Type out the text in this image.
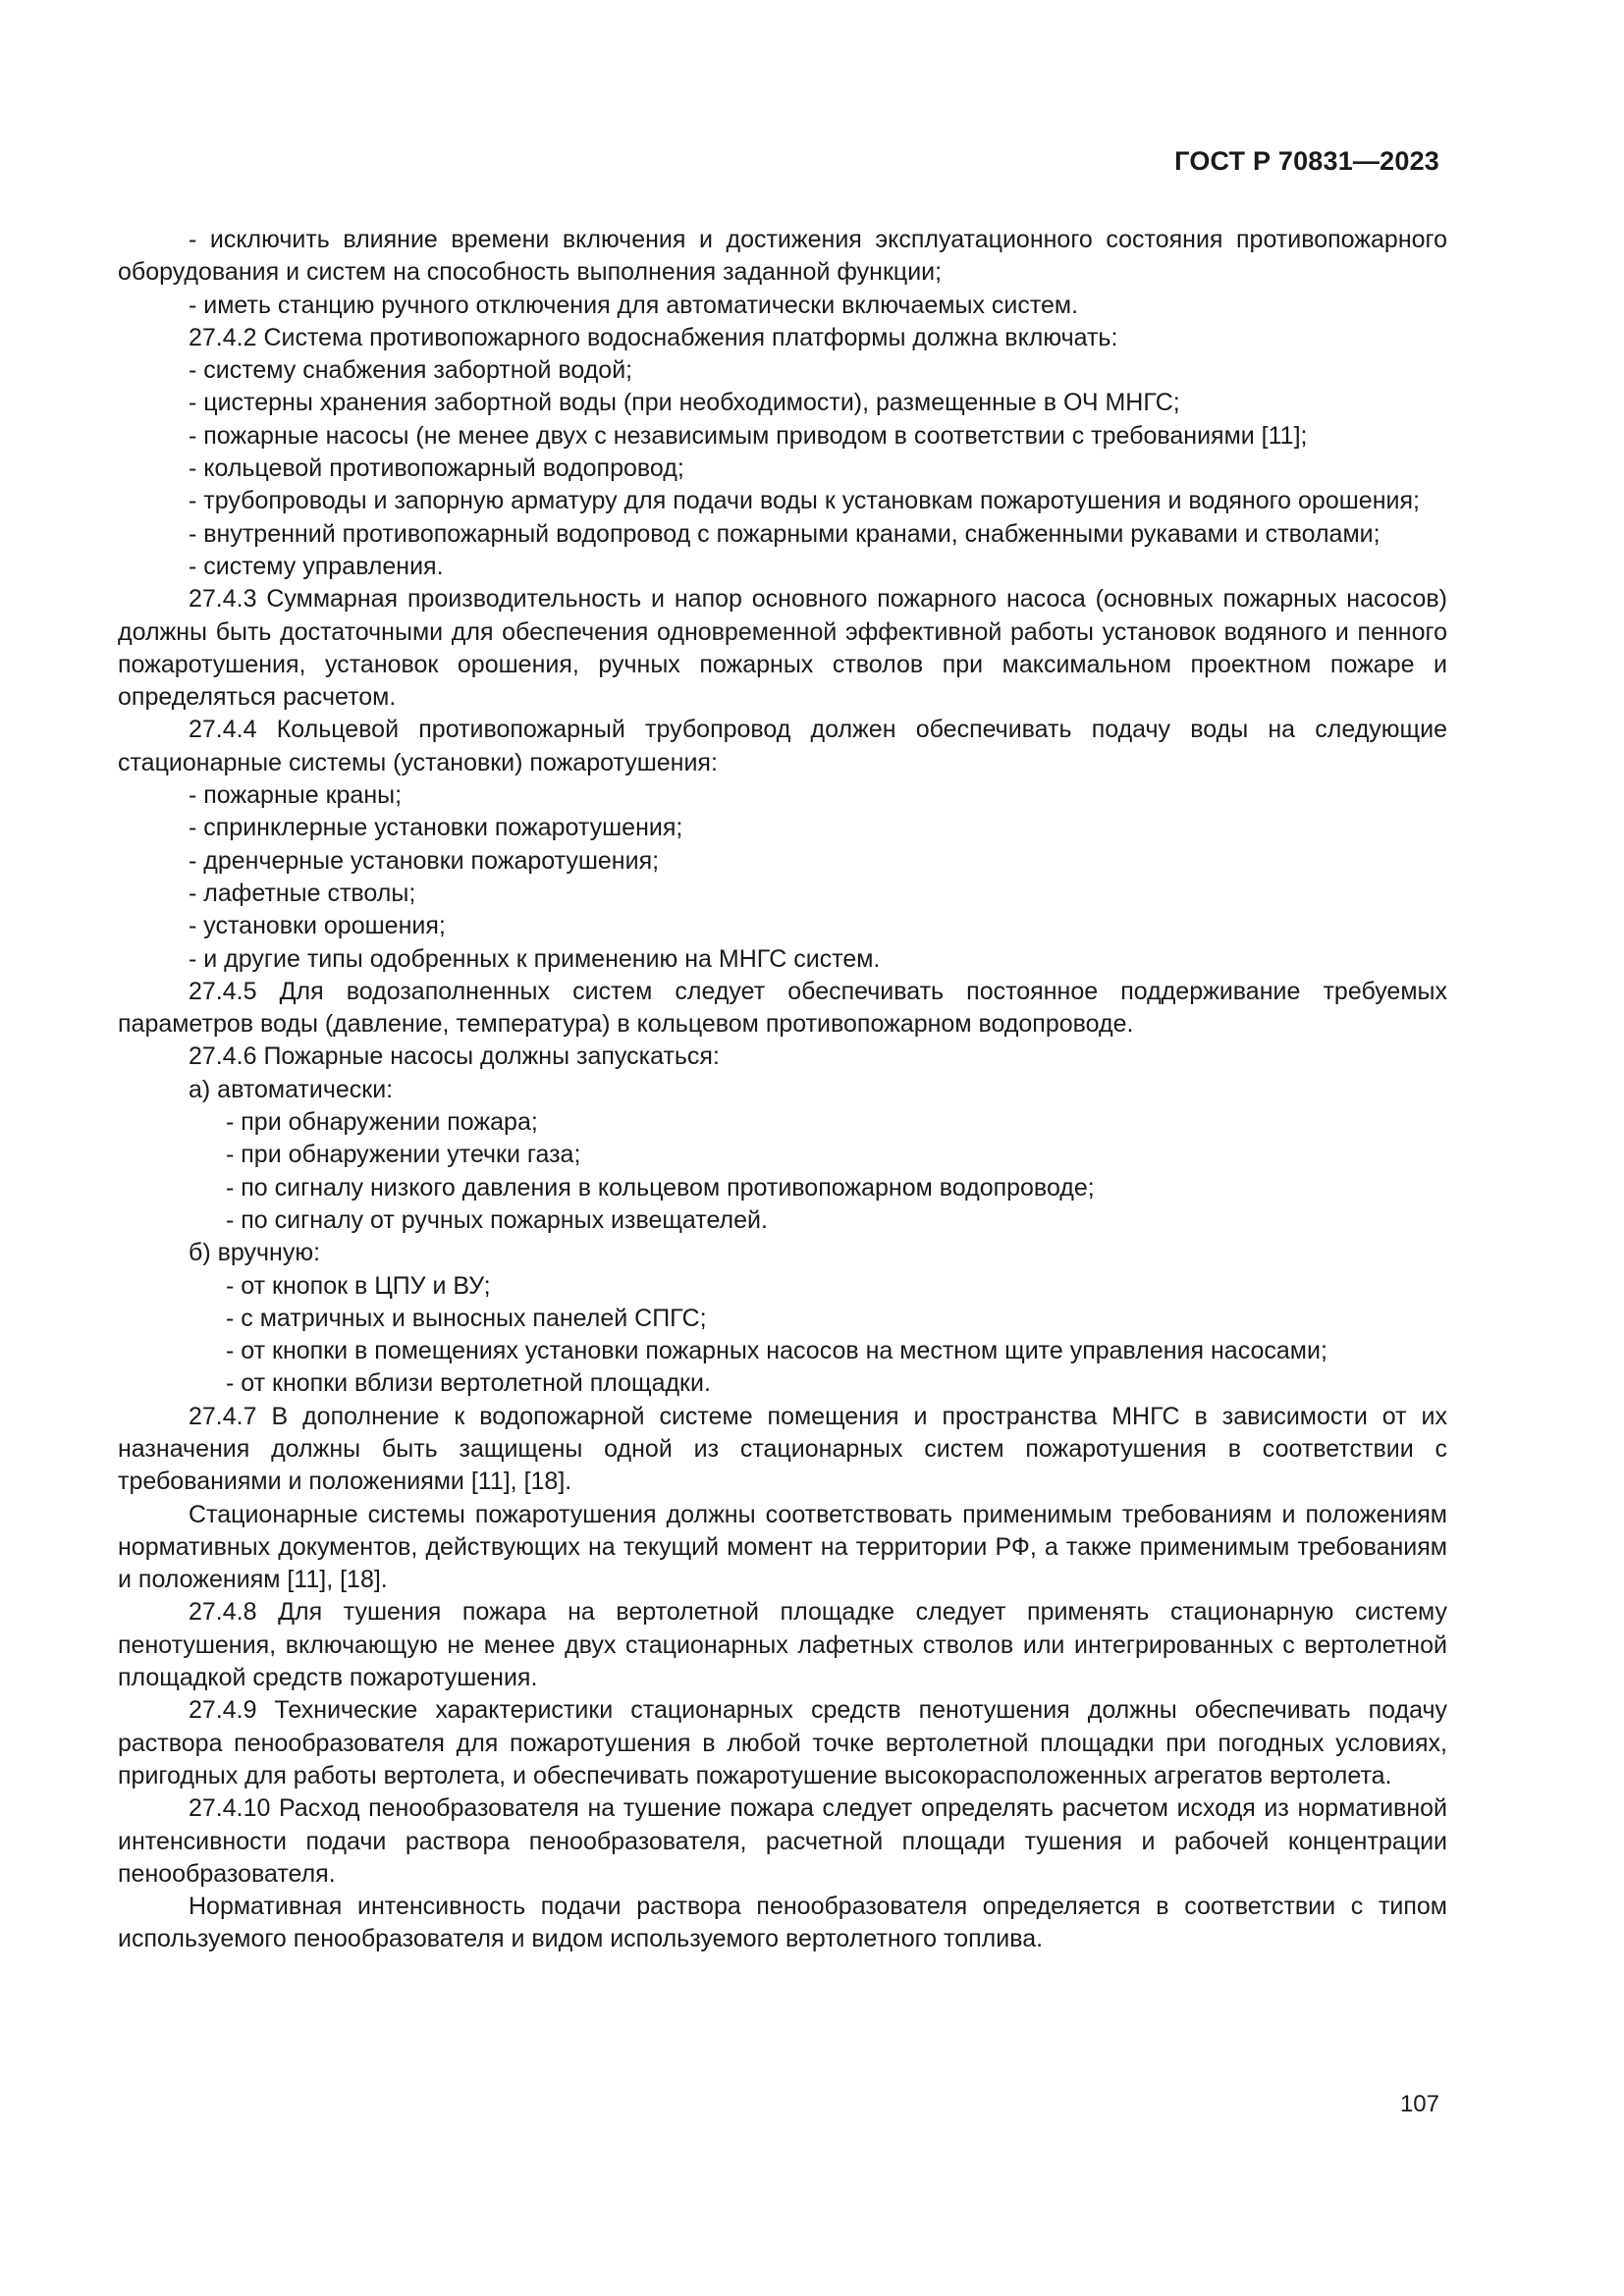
ГОСТ Р 70831—2023
- исключить влияние времени включения и достижения эксплуатационного состояния противопожарного оборудования и систем на способность выполнения заданной функции;
- иметь станцию ручного отключения для автоматически включаемых систем.
27.4.2 Система противопожарного водоснабжения платформы должна включать:
- систему снабжения забортной водой;
- цистерны хранения забортной воды (при необходимости), размещенные в ОЧ МНГС;
- пожарные насосы (не менее двух с независимым приводом в соответствии с требованиями [11];
- кольцевой противопожарный водопровод;
- трубопроводы и запорную арматуру для подачи воды к установкам пожаротушения и водяного орошения;
- внутренний противопожарный водопровод с пожарными кранами, снабженными рукавами и стволами;
- систему управления.
27.4.3 Суммарная производительность и напор основного пожарного насоса (основных пожарных насосов) должны быть достаточными для обеспечения одновременной эффективной работы установок водяного и пенного пожаротушения, установок орошения, ручных пожарных стволов при максимальном проектном пожаре и определяться расчетом.
27.4.4 Кольцевой противопожарный трубопровод должен обеспечивать подачу воды на следующие стационарные системы (установки) пожаротушения:
- пожарные краны;
- спринклерные установки пожаротушения;
- дренчерные установки пожаротушения;
- лафетные стволы;
- установки орошения;
- и другие типы одобренных к применению на МНГС систем.
27.4.5 Для водозаполненных систем следует обеспечивать постоянное поддерживание требуемых параметров воды (давление, температура) в кольцевом противопожарном водопроводе.
27.4.6 Пожарные насосы должны запускаться:
а) автоматически:
- при обнаружении пожара;
- при обнаружении утечки газа;
- по сигналу низкого давления в кольцевом противопожарном водопроводе;
- по сигналу от ручных пожарных извещателей.
б) вручную:
- от кнопок в ЦПУ и ВУ;
- с матричных и выносных панелей СПГС;
- от кнопки в помещениях установки пожарных насосов на местном щите управления насосами;
- от кнопки вблизи вертолетной площадки.
27.4.7 В дополнение к водопожарной системе помещения и пространства МНГС в зависимости от их назначения должны быть защищены одной из стационарных систем пожаротушения в соответствии с требованиями и положениями [11], [18].
Стационарные системы пожаротушения должны соответствовать применимым требованиям и положениям нормативных документов, действующих на текущий момент на территории РФ, а также применимым требованиям и положениям [11], [18].
27.4.8 Для тушения пожара на вертолетной площадке следует применять стационарную систему пенотушения, включающую не менее двух стационарных лафетных стволов или интегрированных с вертолетной площадкой средств пожаротушения.
27.4.9 Технические характеристики стационарных средств пенотушения должны обеспечивать подачу раствора пенообразователя для пожаротушения в любой точке вертолетной площадки при погодных условиях, пригодных для работы вертолета, и обеспечивать пожаротушение высокорасположенных агрегатов вертолета.
27.4.10 Расход пенообразователя на тушение пожара следует определять расчетом исходя из нормативной интенсивности подачи раствора пенообразователя, расчетной площади тушения и рабочей концентрации пенообразователя.
Нормативная интенсивность подачи раствора пенообразователя определяется в соответствии с типом используемого пенообразователя и видом используемого вертолетного топлива.
107
